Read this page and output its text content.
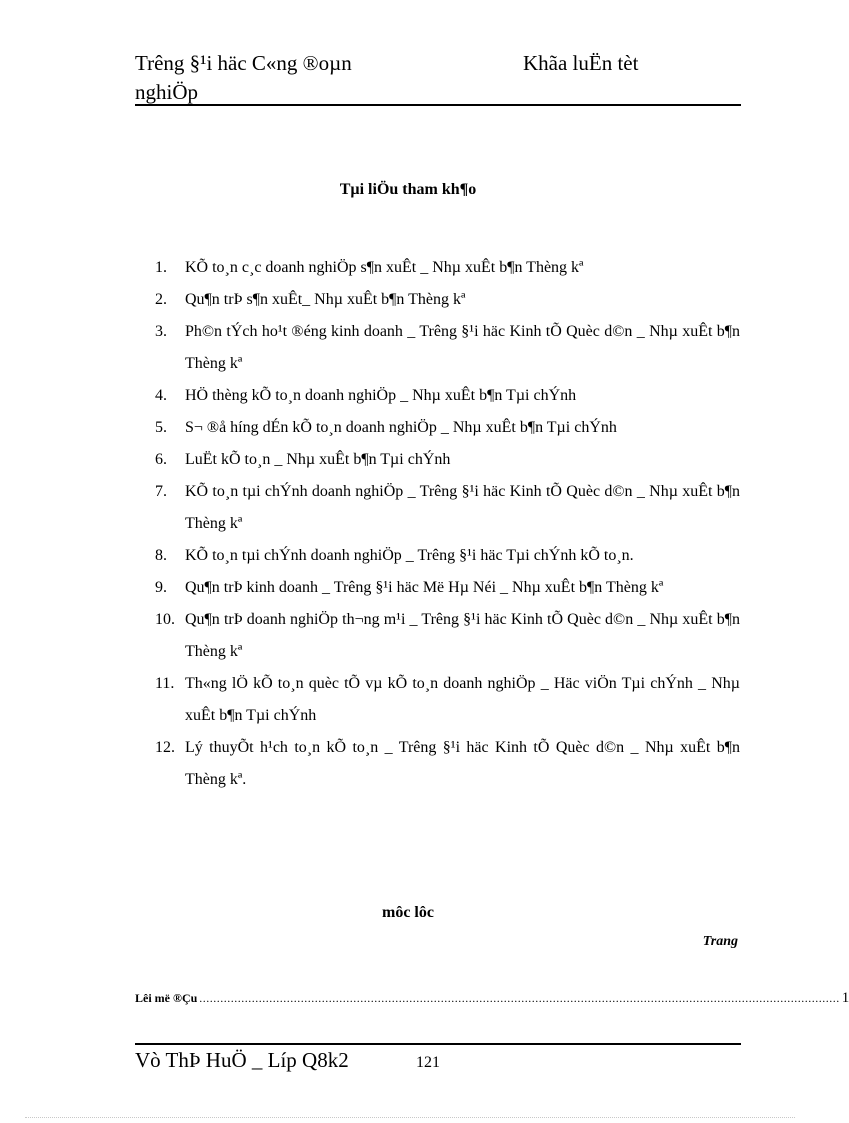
Trêng §¹i häc C«ng ®oµn	Khãa luËn tèt
nghiÖp
Tµi liÖu tham kh¶o
1. KÕ to¸n c¸c doanh nghiÖp s¶n xuÊt _ Nhµ xuÊt b¶n Thèng kª
2. Qu¶n trÞ s¶n xuÊt_ Nhµ xuÊt b¶n Thèng kª
3. Ph©n tÝch ho¹t ®éng kinh doanh _ Trêng §¹i häc Kinh tÕ Quèc d©n _ Nhµ xuÊt b¶n Thèng kª
4. HÖ thèng kÕ to¸n doanh nghiÖp _ Nhµ xuÊt b¶n Tµi chÝnh
5. S¬ ®å híng dÉn kÕ to¸n doanh nghiÖp _ Nhµ xuÊt b¶n Tµi chÝnh
6. LuËt kÕ to¸n _ Nhµ xuÊt b¶n Tµi chÝnh
7. KÕ to¸n tµi chÝnh doanh nghiÖp _ Trêng §¹i häc Kinh tÕ Quèc d©n _ Nhµ xuÊt b¶n Thèng kª
8. KÕ to¸n tµi chÝnh doanh nghiÖp _ Trêng §¹i häc Tµi chÝnh kÕ to¸n.
9. Qu¶n trÞ kinh doanh _ Trêng §¹i häc Më Hµ Néi _ Nhµ xuÊt b¶n Thèng kª
10. Qu¶n trÞ doanh nghiÖp th¬ng m¹i _ Trêng §¹i häc Kinh tÕ Quèc d©n _ Nhµ xuÊt b¶n Thèng kª
11. Th«ng lÖ kÕ to¸n quèc tÕ vµ kÕ to¸n doanh nghiÖp _ Häc viÖn Tµi chÝnh _ Nhµ xuÊt b¶n Tµi chÝnh
12. Lý thuyÕt h¹ch to¸n kÕ to¸n _ Trêng §¹i häc Kinh tÕ Quèc d©n _ Nhµ xuÊt b¶n Thèng kª.
môc lôc
Trang
Lêi më ®Çu ....................................................................................................................................................................................... 1
Vò ThÞ HuÖ _ Líp Q8k2	121
